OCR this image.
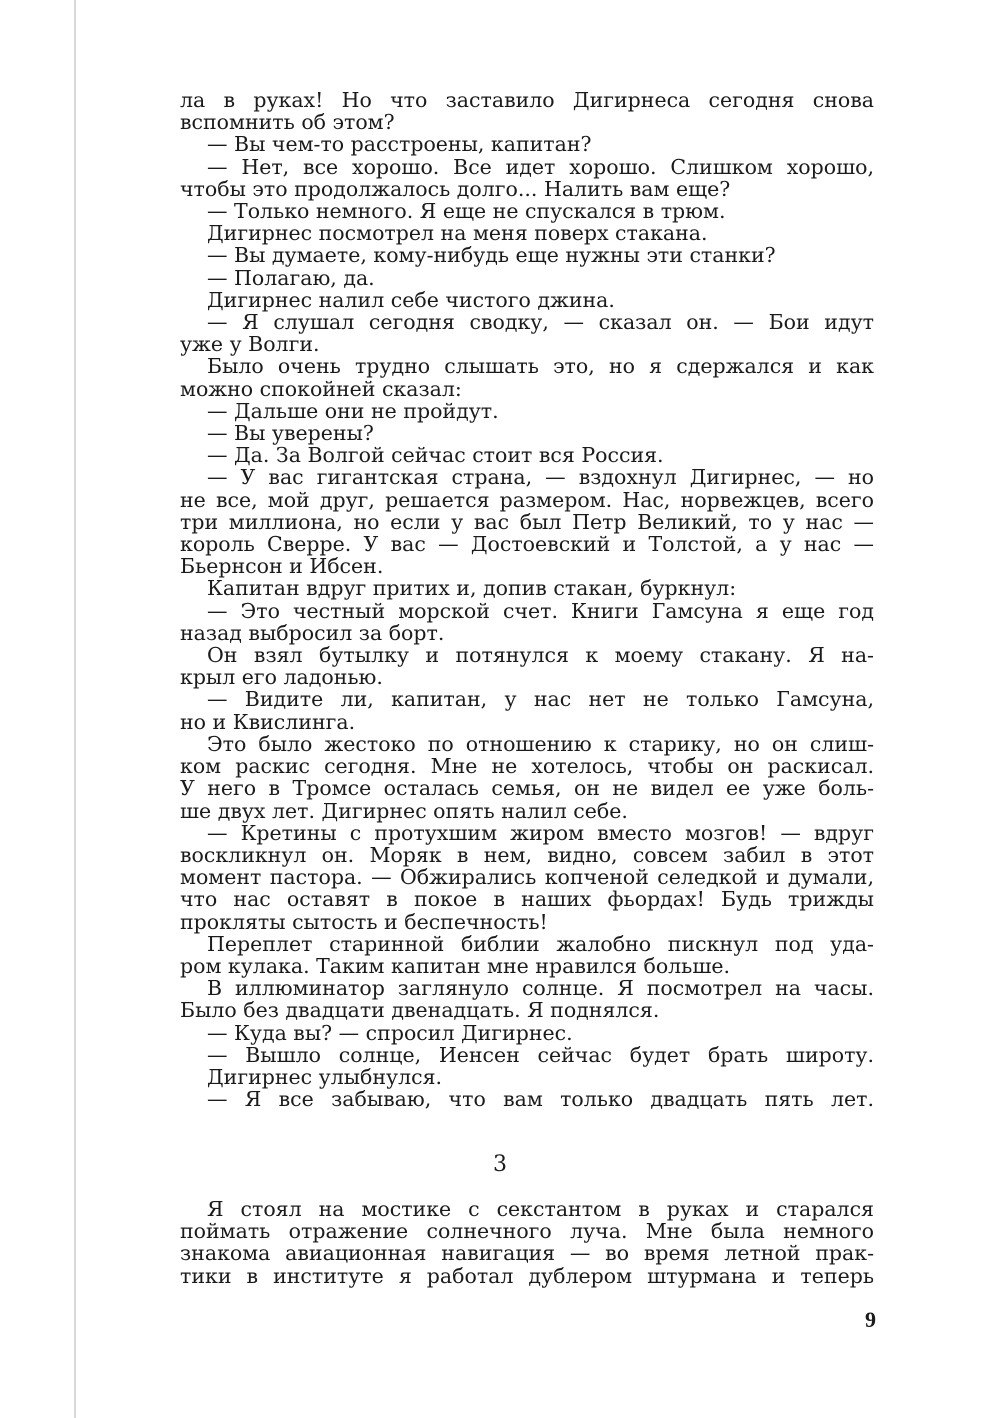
ла в руках! Но что заставило Дигирнеса сегодня снова
вспомнить об этом?
— Вы чем-то расстроены, капитан?
— Нет, все хорошо. Все идет хорошо. Слишком хорошо,
чтобы это продолжалось долго... Налить вам еще?
— Только немного. Я еще не спускался в трюм.
Дигирнес посмотрел на меня поверх стакана.
— Вы думаете, кому-нибудь еще нужны эти станки?
— Полагаю, да.
Дигирнес налил себе чистого джина.
— Я слушал сегодня сводку, — сказал он. — Бои идут
уже у Волги.
Было очень трудно слышать это, но я сдержался и как
можно спокойней сказал:
— Дальше они не пройдут.
— Вы уверены?
— Да. За Волгой сейчас стоит вся Россия.
— У вас гигантская страна, — вздохнул Дигирнес, — но
не все, мой друг, решается размером. Нас, норвежцев, всего
три миллиона, но если у вас был Петр Великий, то у нас —
король Сверре. У вас — Достоевский и Толстой, а у нас —
Бьернсон и Ибсен.
Капитан вдруг притих и, допив стакан, буркнул:
— Это честный морской счет. Книги Гамсуна я еще год
назад выбросил за борт.
Он взял бутылку и потянулся к моему стакану. Я на-
крыл его ладонью.
— Видите ли, капитан, у нас нет не только Гамсуна,
но и Квислинга.
Это было жестоко по отношению к старику, но он слиш-
ком раскис сегодня. Мне не хотелось, чтобы он раскисал.
У него в Тромсе осталась семья, он не видел ее уже боль-
ше двух лет. Дигирнес опять налил себе.
— Кретины с протухшим жиром вместо мозгов! — вдруг
воскликнул он. Моряк в нем, видно, совсем забил в этот
момент пастора. — Обжирались копченой селедкой и думали,
что нас оставят в покое в наших фьордах! Будь трижды
прокляты сытость и беспечность!
Переплет старинной библии жалобно пискнул под уда-
ром кулака. Таким капитан мне нравился больше.
В иллюминатор заглянуло солнце. Я посмотрел на часы.
Было без двадцати двенадцать. Я поднялся.
— Куда вы? — спросил Дигирнес.
— Вышло солнце, Иенсен сейчас будет брать широту.
Дигирнес улыбнулся.
— Я все забываю, что вам только двадцать пять лет.
3
Я стоял на мостике с секстантом в руках и старался
поймать отражение солнечного луча. Мне была немного
знакома авиационная навигация — во время летной прак-
тики в институте я работал дублером штурмана и теперь
9
